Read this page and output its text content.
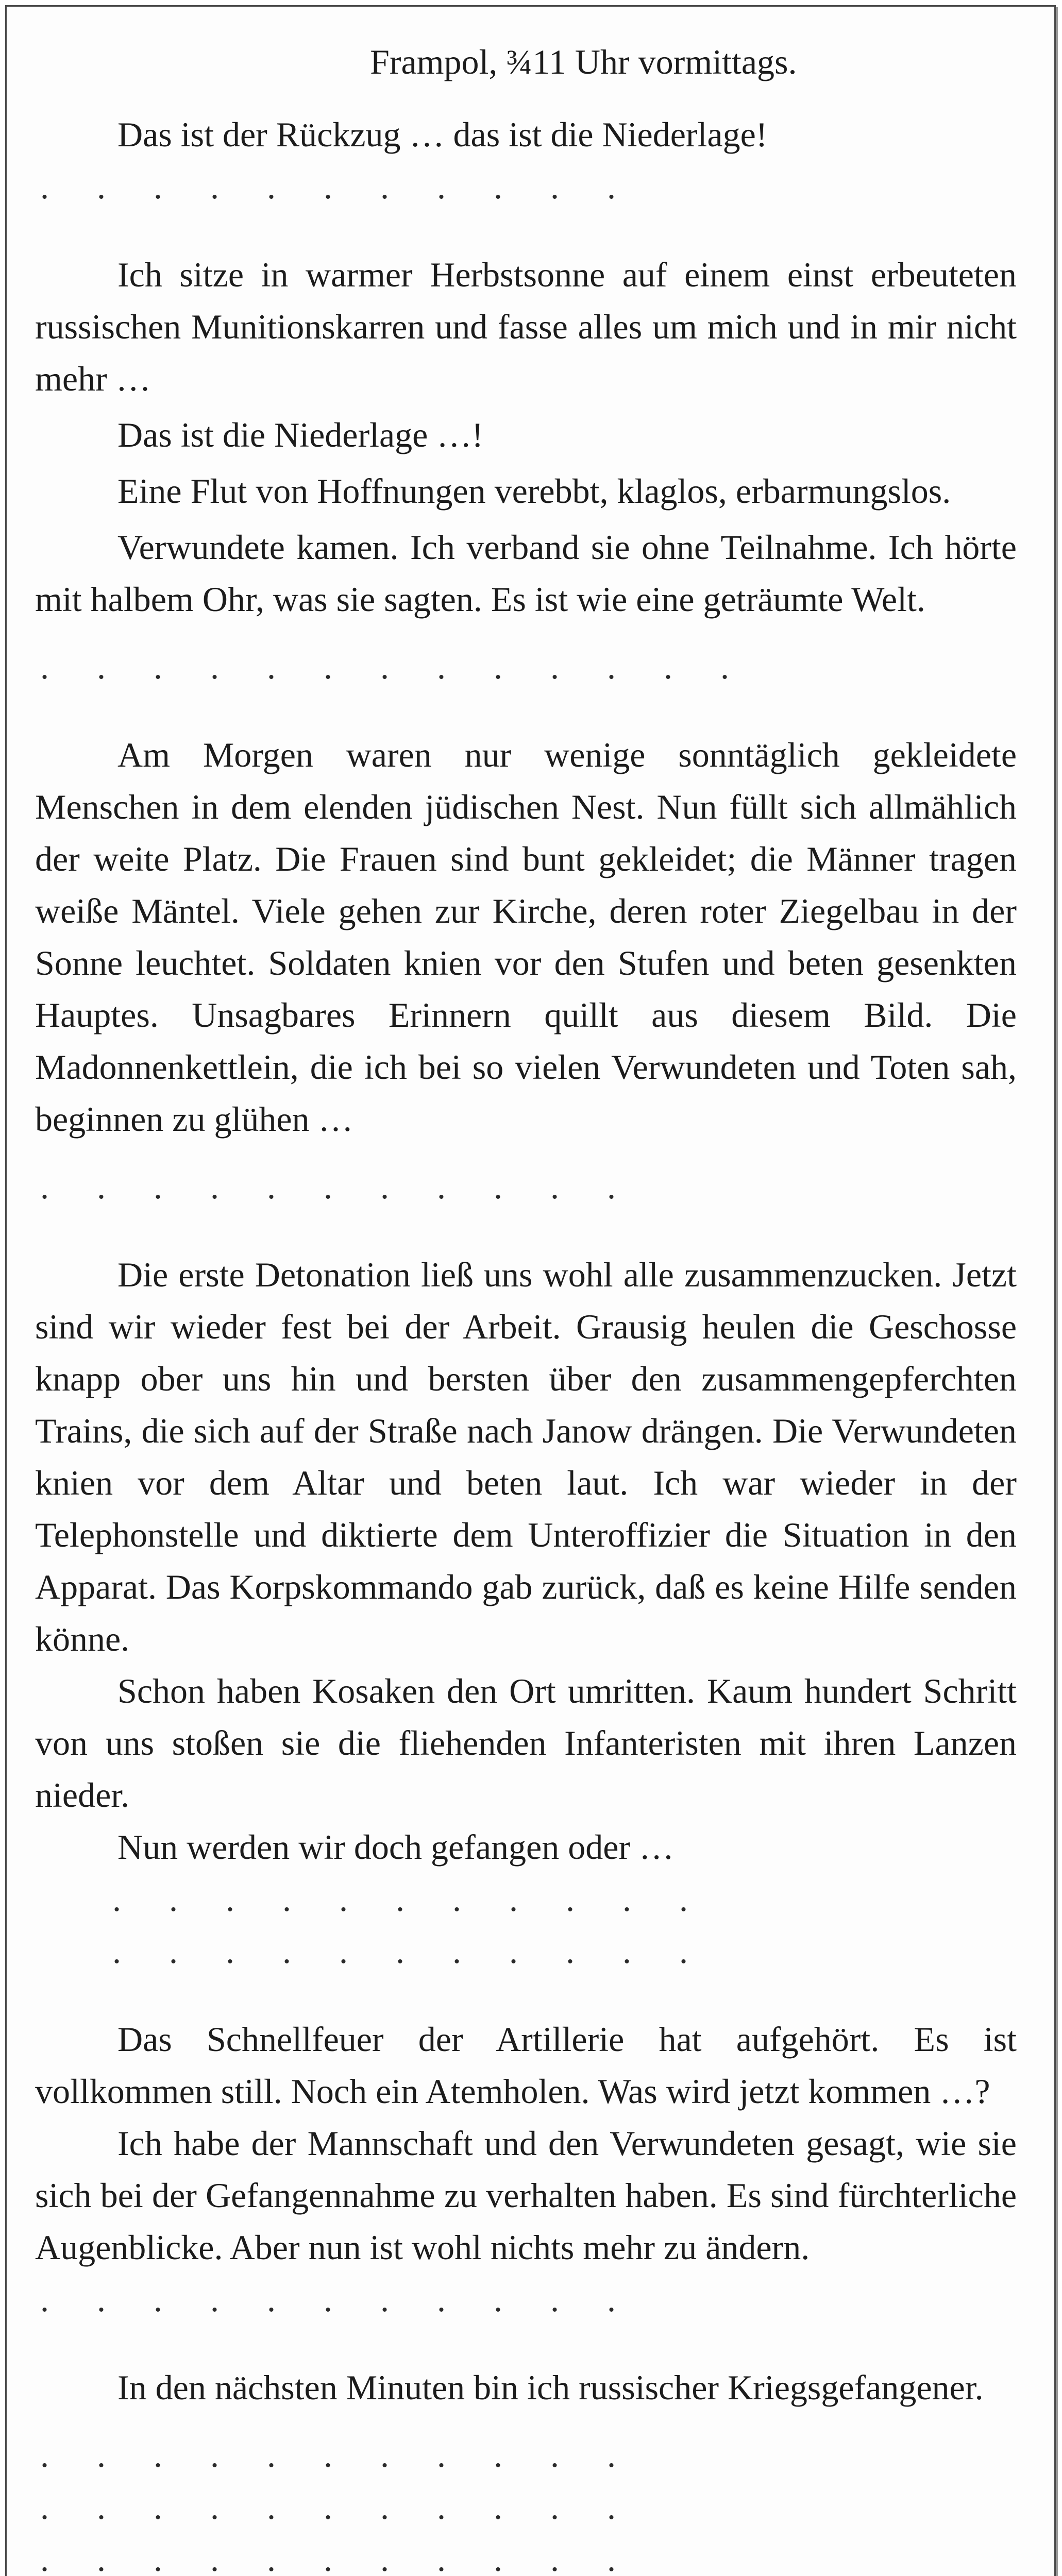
Frampol, ¾11 Uhr vormittags.

Das ist der Rückzug … das ist die Niederlage!

. . . . . . . . . . .

Ich sitze in warmer Herbstsonne auf einem einst erbeuteten russischen Munitionskarren und fasse alles um mich und in mir nicht mehr …

Das ist die Niederlage …!

Eine Flut von Hoffnungen verebbt, klaglos, erbarmungslos.

Verwundete kamen. Ich verband sie ohne Teilnahme. Ich hörte mit halbem Ohr, was sie sagten. Es ist wie eine geträumte Welt.

. . . . . . . . . . . . .

Am Morgen waren nur wenige sonntäglich gekleidete Menschen in dem elenden jüdischen Nest. Nun füllt sich allmählich der weite Platz. Die Frauen sind bunt gekleidet; die Männer tragen weiße Mäntel. Viele gehen zur Kirche, deren roter Ziegelbau in der Sonne leuchtet. Soldaten knien vor den Stufen und beten gesenkten Hauptes. Unsagbares Erinnern quillt aus diesem Bild. Die Madonnenkettlein, die ich bei so vielen Verwundeten und Toten sah, beginnen zu glühen …

. . . . . . . . . . .

Die erste Detonation ließ uns wohl alle zusammenzucken. Jetzt sind wir wieder fest bei der Arbeit. Grausig heulen die Geschosse knapp ober uns hin und bersten über den zusammengepferchten Trains, die sich auf der Straße nach Janow drängen. Die Verwundeten knien vor dem Altar und beten laut. Ich war wieder in der Telephonstelle und diktierte dem Unteroffizier die Situation in den Apparat. Das Korpskommando gab zurück, daß es keine Hilfe senden könne.

Schon haben Kosaken den Ort umritten. Kaum hundert Schritt von uns stoßen sie die fliehenden Infanteristen mit ihren Lanzen nieder.

Nun werden wir doch gefangen oder …

. . . . . . . . . . .
. . . . . . . . . . .

Das Schnellfeuer der Artillerie hat aufgehört. Es ist vollkommen still. Noch ein Atemholen. Was wird jetzt kommen …?

Ich habe der Mannschaft und den Verwundeten gesagt, wie sie sich bei der Gefangennahme zu verhalten haben. Es sind fürchterliche Augenblicke. Aber nun ist wohl nichts mehr zu ändern.

. . . . . . . . . . .

In den nächsten Minuten bin ich russischer Kriegsgefangener.

. . . . . . . . . . .
. . . . . . . . . . .
. . . . . . . . . . .
